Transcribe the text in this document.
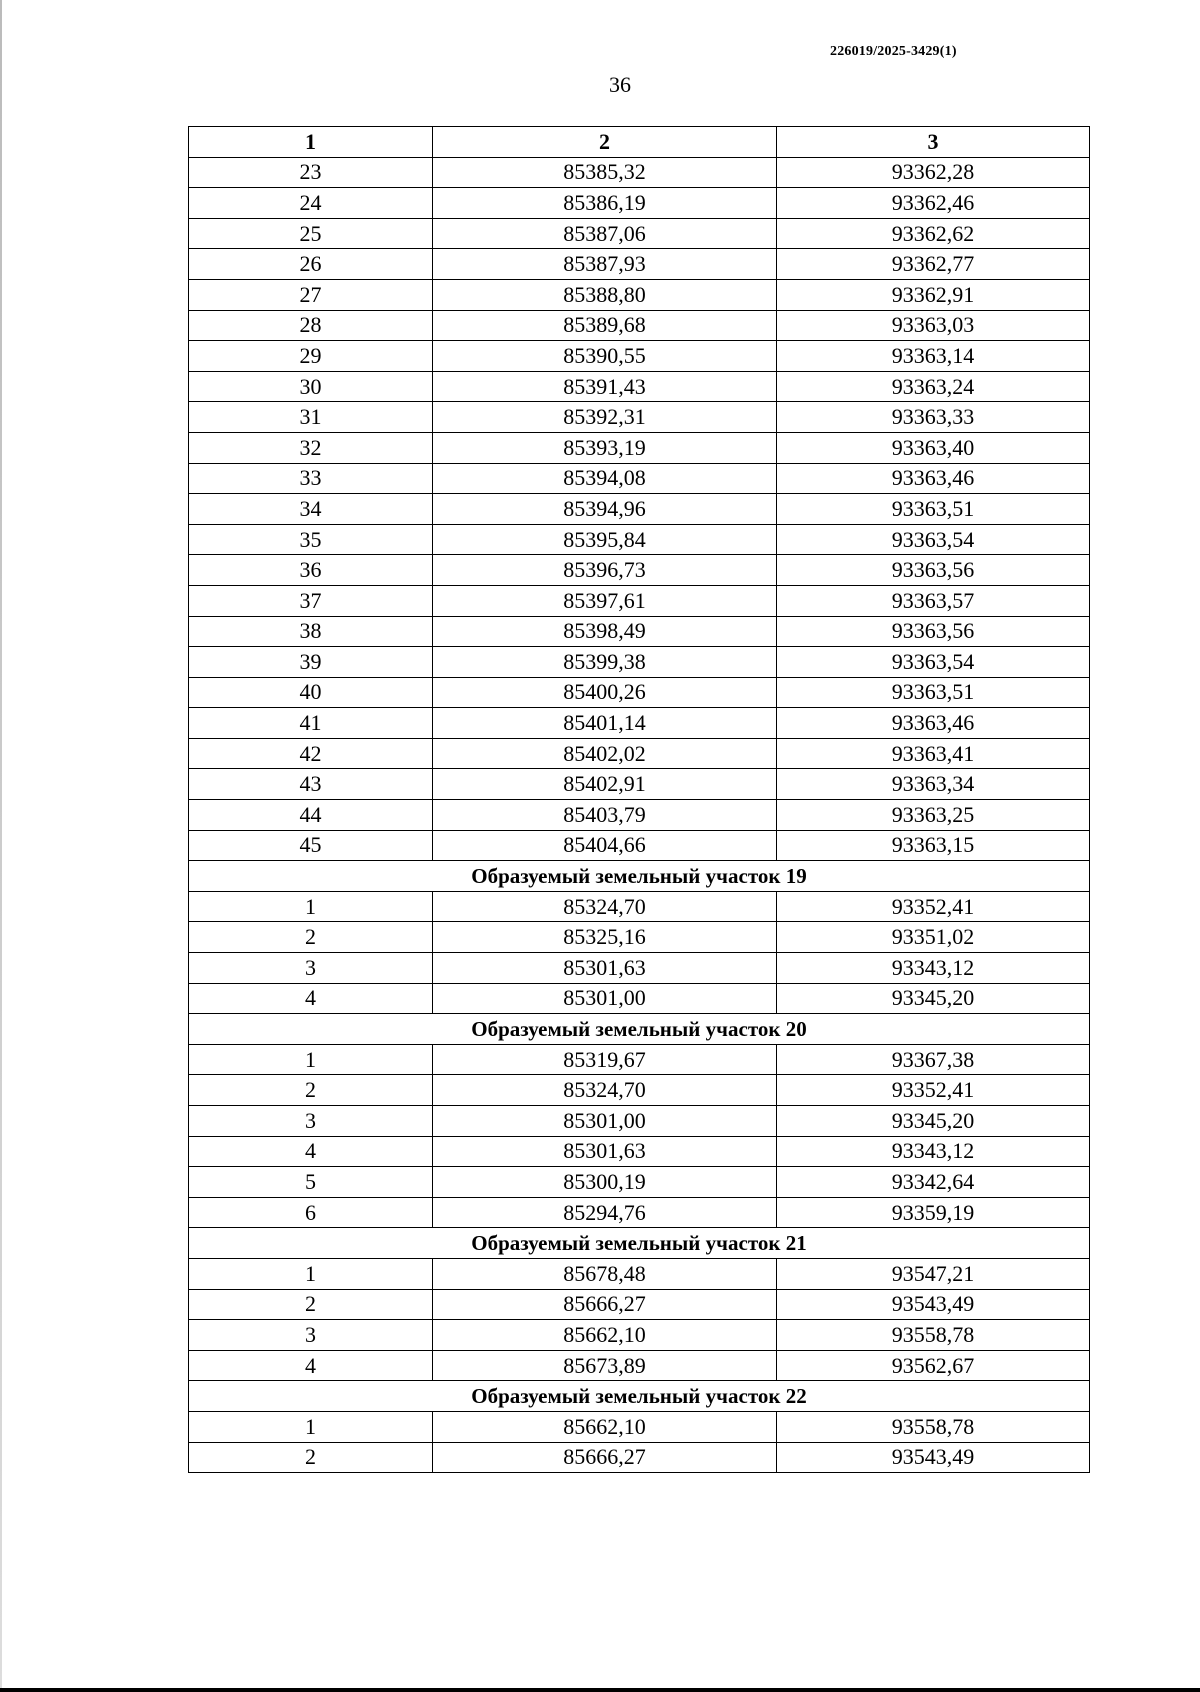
226019/2025-3429(1)
36
1	2	3
23	85385,32	93362,28
24	85386,19	93362,46
25	85387,06	93362,62
26	85387,93	93362,77
27	85388,80	93362,91
28	85389,68	93363,03
29	85390,55	93363,14
30	85391,43	93363,24
31	85392,31	93363,33
32	85393,19	93363,40
33	85394,08	93363,46
34	85394,96	93363,51
35	85395,84	93363,54
36	85396,73	93363,56
37	85397,61	93363,57
38	85398,49	93363,56
39	85399,38	93363,54
40	85400,26	93363,51
41	85401,14	93363,46
42	85402,02	93363,41
43	85402,91	93363,34
44	85403,79	93363,25
45	85404,66	93363,15
Образуемый земельный участок 19		
1	85324,70	93352,41
2	85325,16	93351,02
3	85301,63	93343,12
4	85301,00	93345,20
Образуемый земельный участок 20		
1	85319,67	93367,38
2	85324,70	93352,41
3	85301,00	93345,20
4	85301,63	93343,12
5	85300,19	93342,64
6	85294,76	93359,19
Образуемый земельный участок 21		
1	85678,48	93547,21
2	85666,27	93543,49
3	85662,10	93558,78
4	85673,89	93562,67
Образуемый земельный участок 22		
1	85662,10	93558,78
2	85666,27	93543,49
